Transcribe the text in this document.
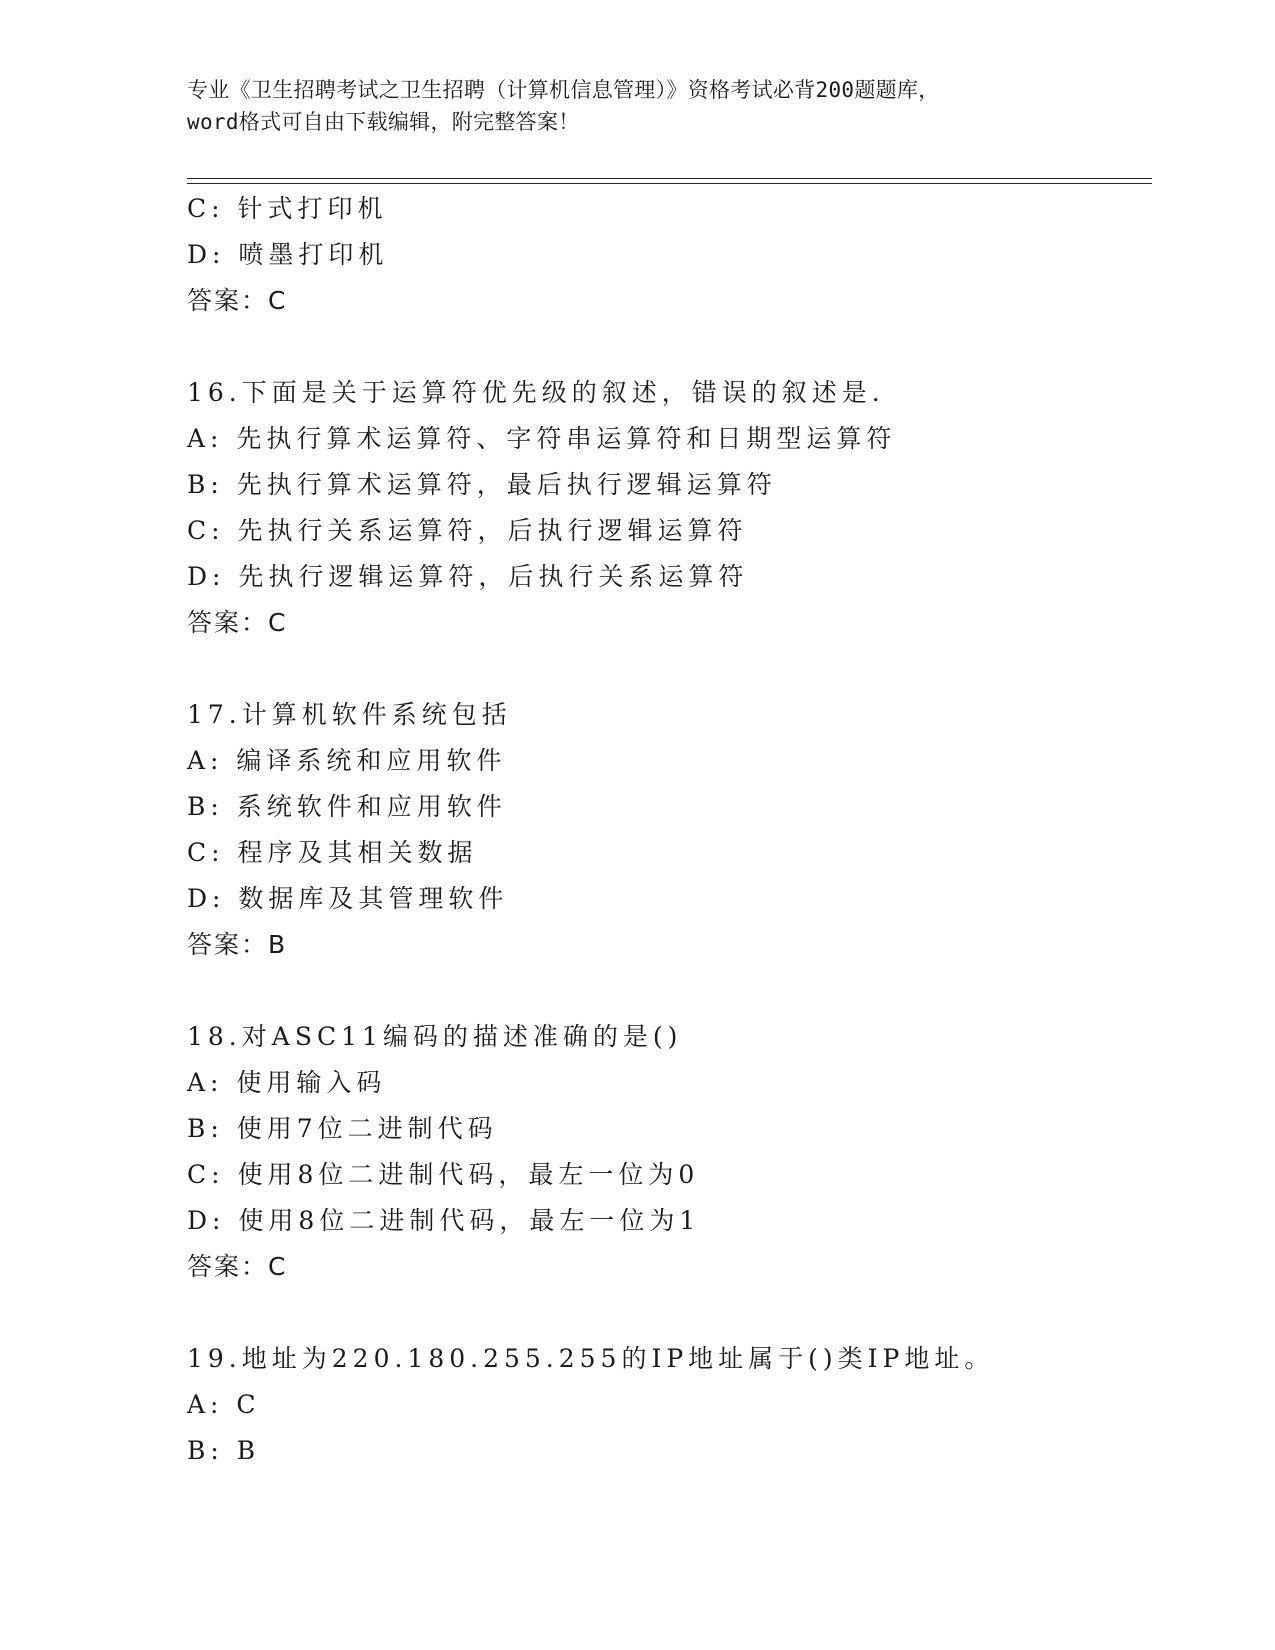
专业《卫生招聘考试之卫生招聘（计算机信息管理）》资格考试必背200题题库，
word格式可自由下载编辑，附完整答案！
C: 针式打印机
D: 喷墨打印机
答案：C
16.下面是关于运算符优先级的叙述，错误的叙述是.
A: 先执行算术运算符、字符串运算符和日期型运算符
B: 先执行算术运算符，最后执行逻辑运算符
C: 先执行关系运算符，后执行逻辑运算符
D: 先执行逻辑运算符，后执行关系运算符
答案：C
17.计算机软件系统包括
A: 编译系统和应用软件
B: 系统软件和应用软件
C: 程序及其相关数据
D: 数据库及其管理软件
答案：B
18.对ASC11编码的描述准确的是()
A: 使用输入码
B: 使用7位二进制代码
C: 使用8位二进制代码，最左一位为0
D: 使用8位二进制代码，最左一位为1
答案：C
19.地址为220.180.255.255的IP地址属于()类IP地址。
A: C
B: B
